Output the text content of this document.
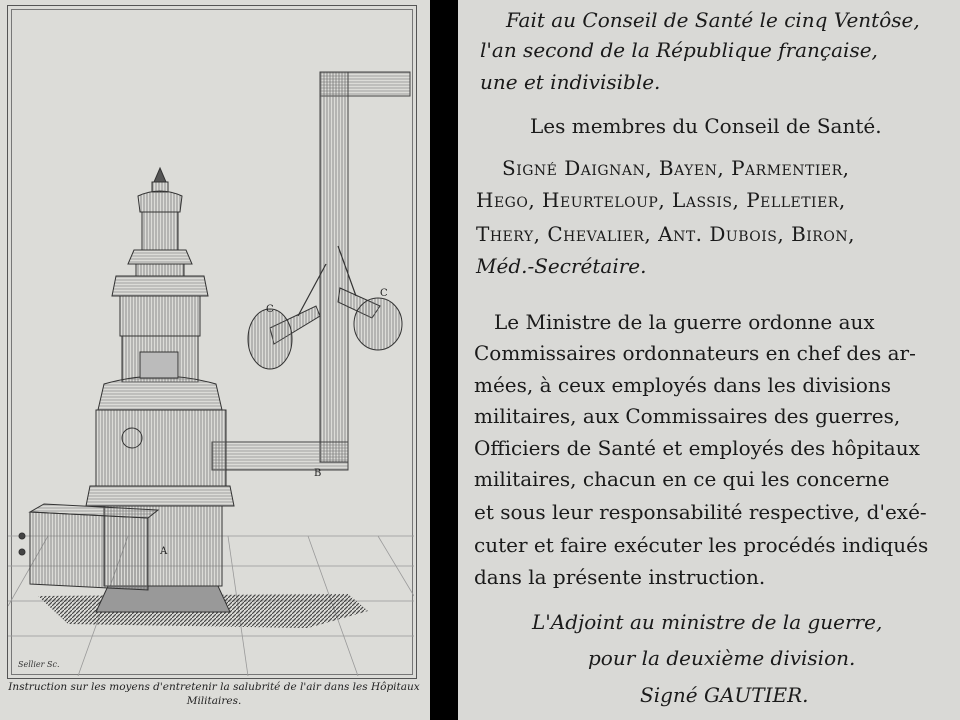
A
B
C
C
Sellier Sc.
Instruction sur les moyens d'entretenir la salubrité de l'air dans les Hôpitaux
Militaires.
Fait au Conseil de Santé le cinq Ventôse,
l'an second de la République française,
une et indivisible.
Les membres du Conseil de Santé.
Signé Daignan, Bayen, Parmentier,
Hego, Heurteloup, Lassis, Pelletier,
Thery, Chevalier, Ant. Dubois, Biron,
Méd.-Secrétaire.
Le Ministre de la guerre ordonne aux
Commissaires ordonnateurs en chef des ar-
mées, à ceux employés dans les divisions
militaires, aux Commissaires des guerres,
Officiers de Santé et employés des hôpitaux
militaires, chacun en ce qui les concerne
et sous leur responsabilité respective, d'exé-
cuter et faire exécuter les procédés indiqués
dans la présente instruction.
L'Adjoint au ministre de la guerre,
pour la deuxième division.
Signé GAUTIER.
